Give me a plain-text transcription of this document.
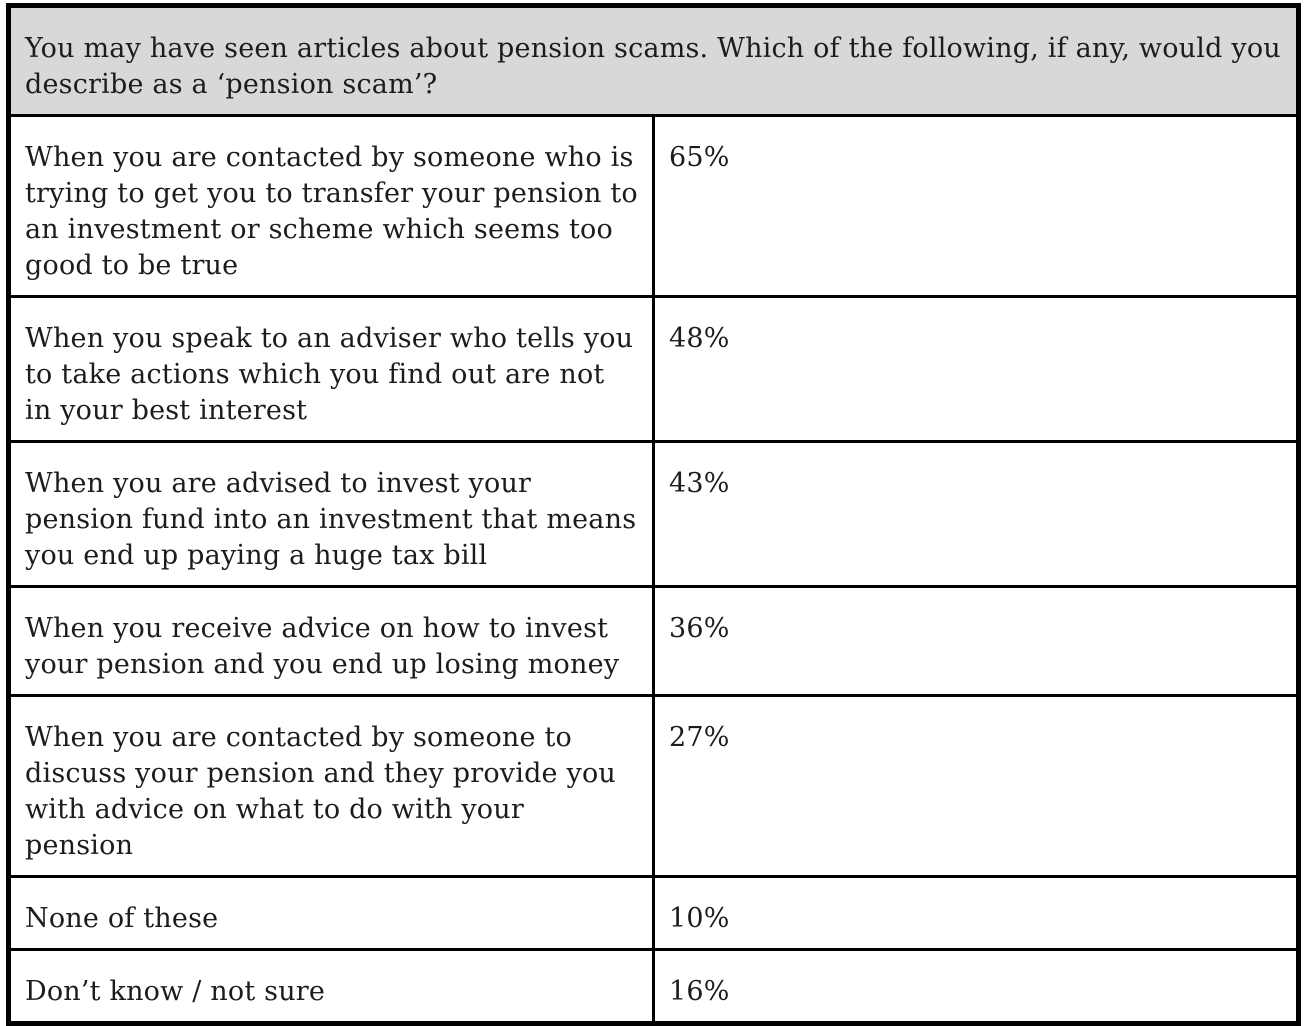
You may have seen articles about pension scams. Which of the following, if any, would you describe as a ‘pension scam’?	
When you are contacted by someone who is trying to get you to transfer your pension to an investment or scheme which seems too good to be true	65%
When you speak to an adviser who tells you to take actions which you find out are not in your best interest	48%
When you are advised to invest your pension fund into an investment that means you end up paying a huge tax bill	43%
When you receive advice on how to invest your pension and you end up losing money	36%
When you are contacted by someone to discuss your pension and they provide you with advice on what to do with your pension	27%
None of these	10%
Don’t know / not sure	16%
